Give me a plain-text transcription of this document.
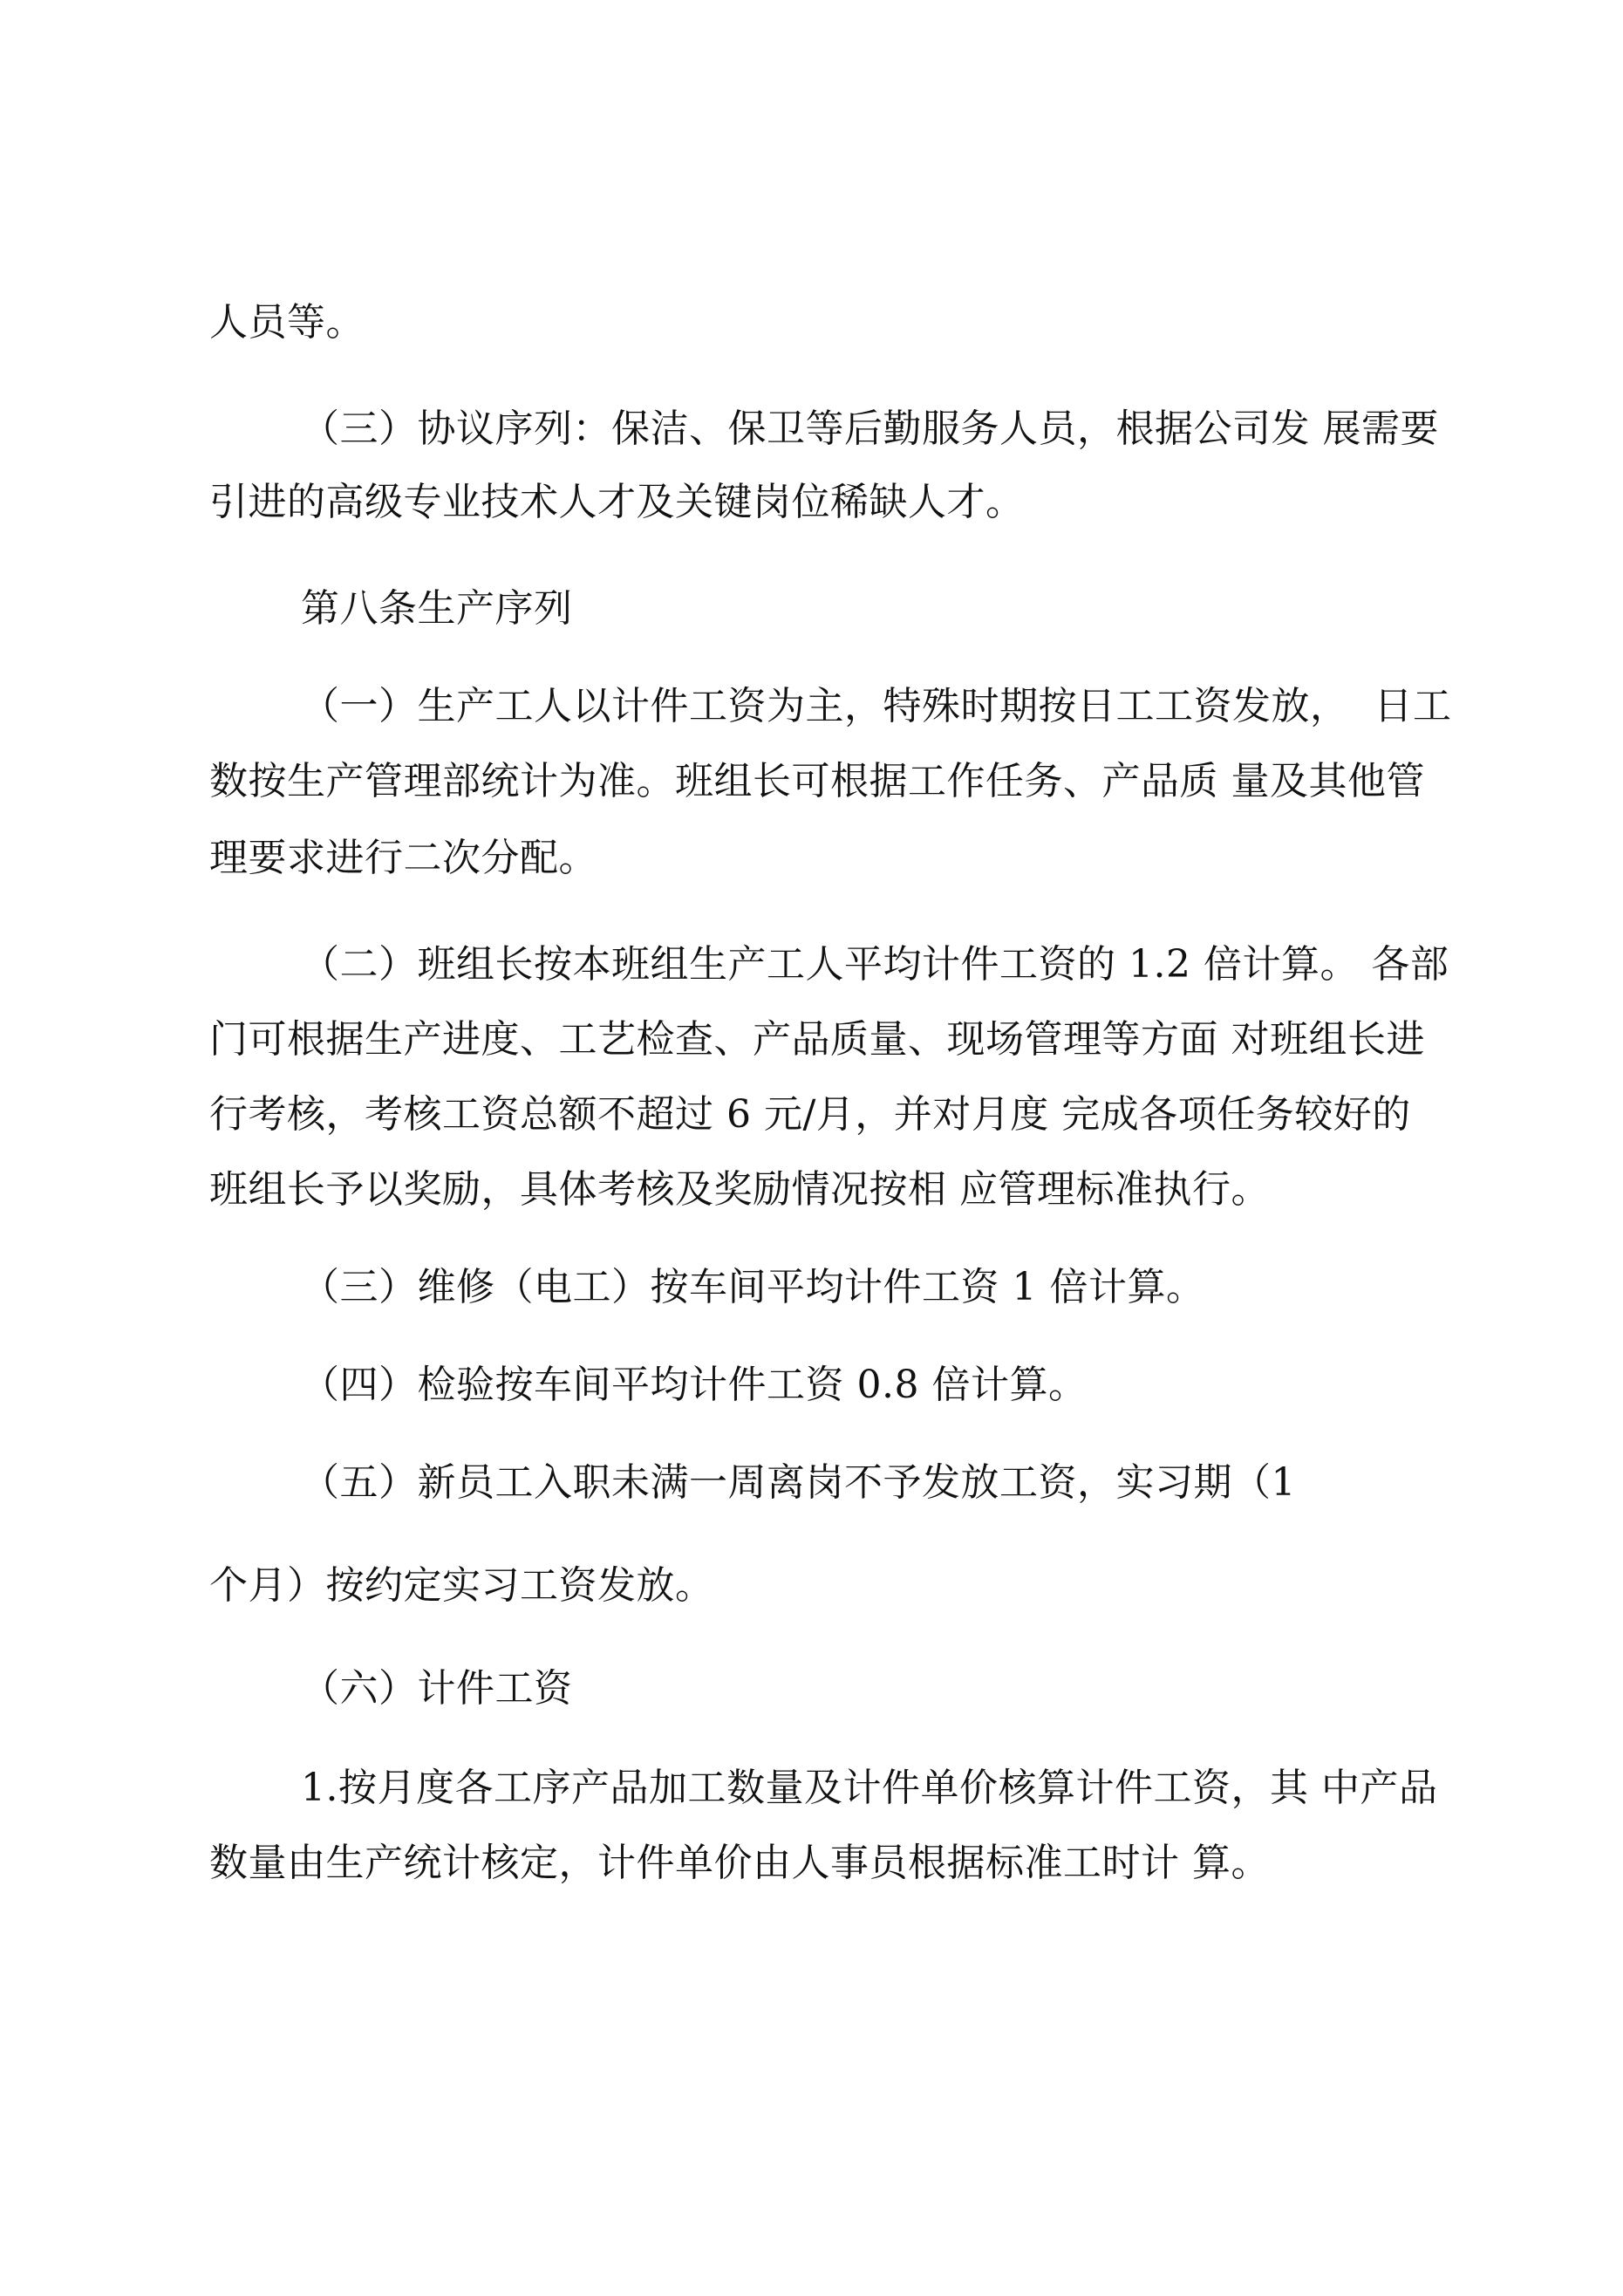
人员等。
（三）协议序列：保洁、保卫等后勤服务人员，根据公司发 展需要
引进的高级专业技术人才及关键岗位稀缺人才。
第八条生产序列
（一）生产工人以计件工资为主，特殊时期按日工工资发放，  日工
数按生产管理部统计为准。班组长可根据工作任务、产品质 量及其他管
理要求进行二次分配。
（二）班组长按本班组生产工人平均计件工资的 1.2 倍计算。 各部
门可根据生产进度、工艺检查、产品质量、现场管理等方面 对班组长进
行考核，考核工资总额不超过 6 元/月，并对月度 完成各项任务较好的
班组长予以奖励，具体考核及奖励情况按相 应管理标准执行。
（三）维修（电工）按车间平均计件工资 1 倍计算。
（四）检验按车间平均计件工资 0.8 倍计算。
（五）新员工入职未满一周离岗不予发放工资，实习期（1
个月）按约定实习工资发放。
（六）计件工资
1.按月度各工序产品加工数量及计件单价核算计件工资，其 中产品
数量由生产统计核定，计件单价由人事员根据标准工时计 算。
